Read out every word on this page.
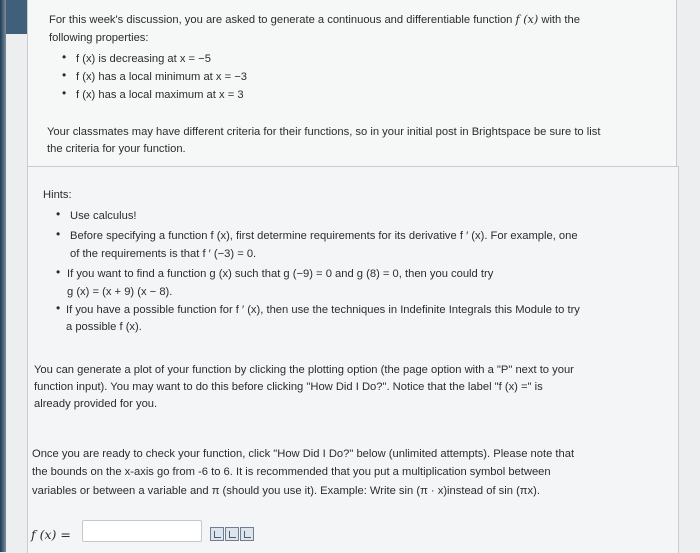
For this week's discussion, you are asked to generate a continuous and differentiable function f (x) with the
following properties:
• f (x) is decreasing at x = −5
• f (x) has a local minimum at x = −3
• f (x) has a local maximum at x = 3
Your classmates may have different criteria for their functions, so in your initial post in Brightspace be sure to list
the criteria for your function.
Hints:
• Use calculus!
• Before specifying a function f (x), first determine requirements for its derivative f ′ (x). For example, one
of the requirements is that f ′ (−3) = 0.
• If you want to find a function g (x) such that g (−9) = 0 and g (8) = 0, then you could try
g (x) = (x + 9) (x − 8).
• If you have a possible function for f ′ (x), then use the techniques in Indefinite Integrals this Module to try
a possible f (x).
You can generate a plot of your function by clicking the plotting option (the page option with a "P" next to your
function input). You may want to do this before clicking "How Did I Do?". Notice that the label "f (x) =" is
already provided for you.
Once you are ready to check your function, click "How Did I Do?" below (unlimited attempts). Please note that
the bounds on the x-axis go from -6 to 6. It is recommended that you put a multiplication symbol between
variables or between a variable and π (should you use it). Example: Write sin (π · x)instead of sin (πx).
f (x) =
